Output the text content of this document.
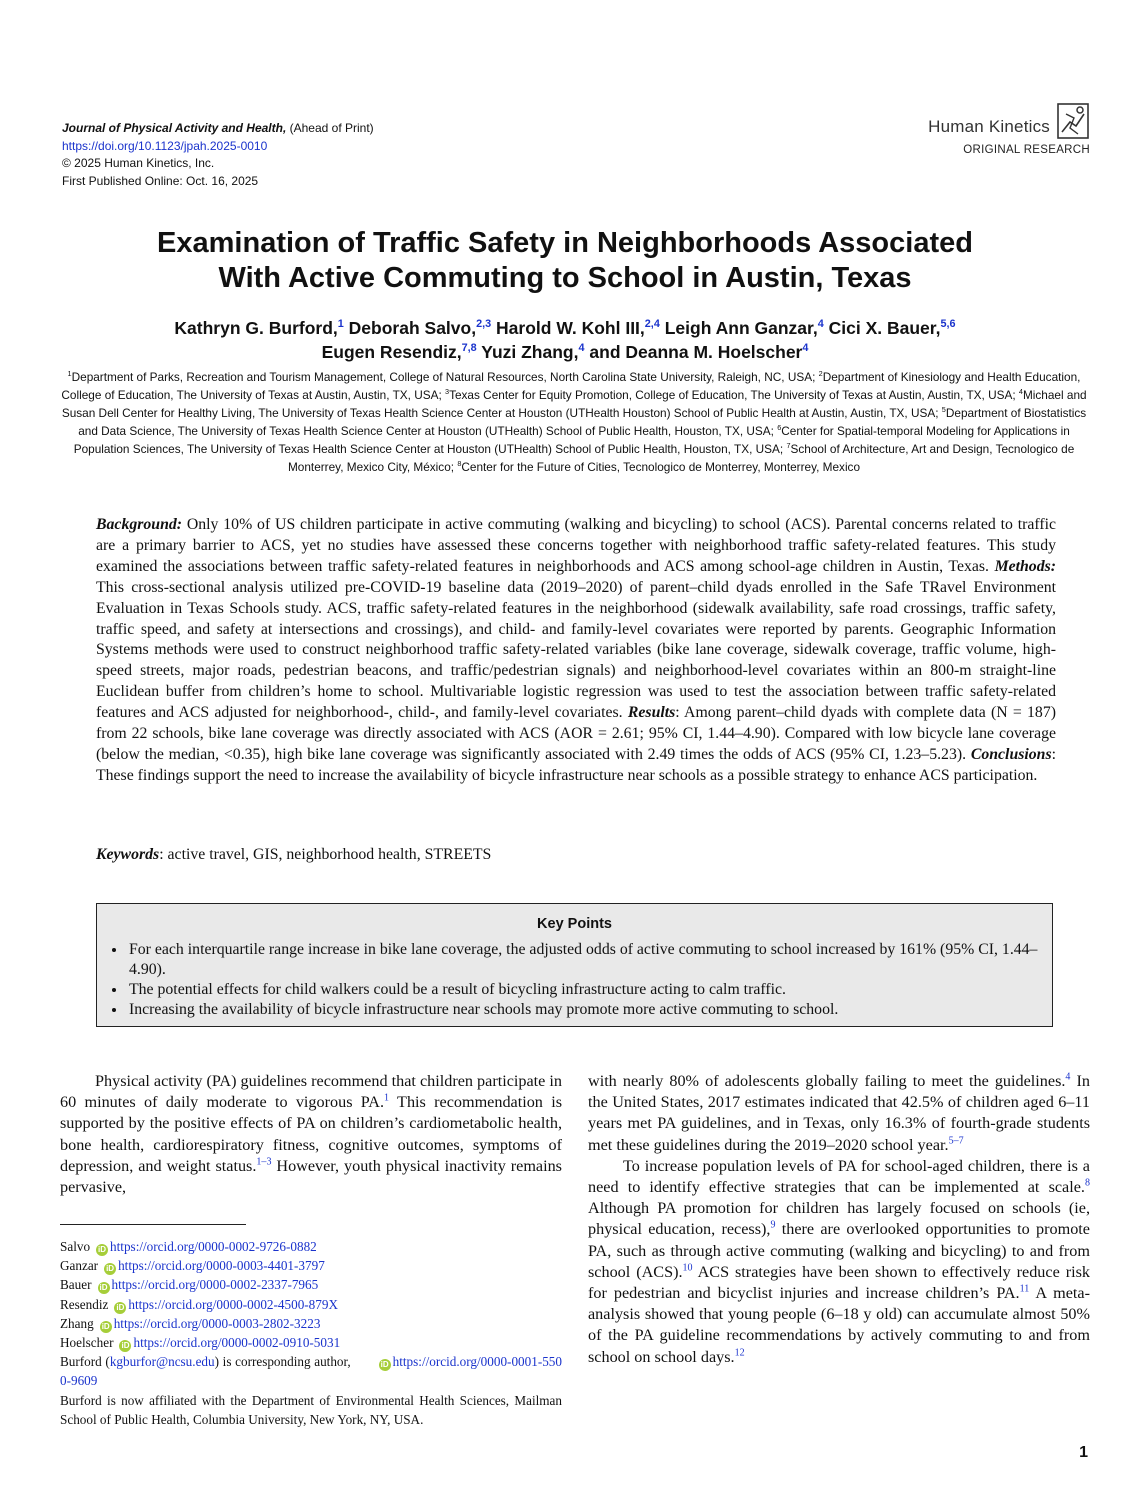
Journal of Physical Activity and Health, (Ahead of Print)
https://doi.org/10.1123/jpah.2025-0010
© 2025 Human Kinetics, Inc.
First Published Online: Oct. 16, 2025
Human Kinetics
ORIGINAL RESEARCH
Examination of Traffic Safety in Neighborhoods Associated
With Active Commuting to School in Austin, Texas
Kathryn G. Burford,$^1$ Deborah Salvo,$^{2,3}$ Harold W. Kohl III,$^{2,4}$ Leigh Ann Ganzar,$^4$ Cici X. Bauer,$^{5,6}$
Eugen Resendiz,$^{7,8}$ Yuzi Zhang,$^4$ and Deanna M. Hoelscher$^4$
$^1$Department of Parks, Recreation and Tourism Management, College of Natural Resources, North Carolina State University, Raleigh, NC, USA; $^2$Department of Kinesiology and Health Education, College of Education, The University of Texas at Austin, Austin, TX, USA; $^3$Texas Center for Equity Promotion, College of Education, The University of Texas at Austin, Austin, TX, USA; $^4$Michael and Susan Dell Center for Healthy Living, The University of Texas Health Science Center at Houston (UTHealth Houston) School of Public Health at Austin, Austin, TX, USA; $^5$Department of Biostatistics and Data Science, The University of Texas Health Science Center at Houston (UTHealth) School of Public Health, Houston, TX, USA; $^6$Center for Spatial-temporal Modeling for Applications in Population Sciences, The University of Texas Health Science Center at Houston (UTHealth) School of Public Health, Houston, TX, USA; $^7$School of Architecture, Art and Design, Tecnologico de Monterrey, Mexico City, México; $^8$Center for the Future of Cities, Tecnologico de Monterrey, Monterrey, Mexico
Background: Only 10% of US children participate in active commuting (walking and bicycling) to school (ACS). Parental concerns related to traffic are a primary barrier to ACS, yet no studies have assessed these concerns together with neighborhood traffic safety-related features. This study examined the associations between traffic safety-related features in neighborhoods and ACS among school-age children in Austin, Texas. Methods: This cross-sectional analysis utilized pre-COVID-19 baseline data (2019–2020) of parent–child dyads enrolled in the Safe TRavel Environment Evaluation in Texas Schools study. ACS, traffic safety-related features in the neighborhood (sidewalk availability, safe road crossings, traffic safety, traffic speed, and safety at intersections and crossings), and child- and family-level covariates were reported by parents. Geographic Information Systems methods were used to construct neighborhood traffic safety-related variables (bike lane coverage, sidewalk coverage, traffic volume, high-speed streets, major roads, pedestrian beacons, and traffic/pedestrian signals) and neighborhood-level covariates within an 800-m straight-line Euclidean buffer from children’s home to school. Multivariable logistic regression was used to test the association between traffic safety-related features and ACS adjusted for neighborhood-, child-, and family-level covariates. Results: Among parent–child dyads with complete data (N = 187) from 22 schools, bike lane coverage was directly associated with ACS (AOR = 2.61; 95% CI, 1.44–4.90). Compared with low bicycle lane coverage (below the median, <0.35), high bike lane coverage was significantly associated with 2.49 times the odds of ACS (95% CI, 1.23–5.23). Conclusions: These findings support the need to increase the availability of bicycle infrastructure near schools as a possible strategy to enhance ACS participation.
Keywords: active travel, GIS, neighborhood health, STREETS
Key Points
• For each interquartile range increase in bike lane coverage, the adjusted odds of active commuting to school increased by 161% (95% CI, 1.44–4.90).
• The potential effects for child walkers could be a result of bicycling infrastructure acting to calm traffic.
• Increasing the availability of bicycle infrastructure near schools may promote more active commuting to school.

Physical activity (PA) guidelines recommend that children participate in 60 minutes of daily moderate to vigorous PA.$^1$ This recommendation is supported by the positive effects of PA on children’s cardiometabolic health, bone health, cardiorespiratory fitness, cognitive outcomes, symptoms of depression, and weight status.$^{1-3}$ However, youth physical inactivity remains pervasive,

Salvo iD https://orcid.org/0000-0002-9726-0882
Ganzar iD https://orcid.org/0000-0003-4401-3797
Bauer iD https://orcid.org/0000-0002-2337-7965
Resendiz iD https://orcid.org/0000-0002-4500-879X
Zhang iD https://orcid.org/0000-0003-2802-3223
Hoelscher iD https://orcid.org/0000-0002-0910-5031
Burford (kgburfor@ncsu.edu) is corresponding author,	iD https://orcid.org/0000-0001-5500-9609
Burford is now affiliated with the Department of Environmental Health Sciences, Mailman School of Public Health, Columbia University, New York, NY, USA.

with nearly 80% of adolescents globally failing to meet the guidelines.$^4$ In the United States, 2017 estimates indicated that 42.5% of children aged 6–11 years met PA guidelines, and in Texas, only 16.3% of fourth-grade students met these guidelines during the 2019–2020 school year.$^{5-7}$

To increase population levels of PA for school-aged children, there is a need to identify effective strategies that can be implemented at scale.$^8$ Although PA promotion for children has largely focused on schools (ie, physical education, recess),$^9$ there are overlooked opportunities to promote PA, such as through active commuting (walking and bicycling) to and from school (ACS).$^{10}$ ACS strategies have been shown to effectively reduce risk for pedestrian and bicyclist injuries and increase children’s PA.$^{11}$ A meta-analysis showed that young people (6–18 y old) can accumulate almost 50% of the PA guideline recommendations by actively commuting to and from school on school days.$^{12}$

1
